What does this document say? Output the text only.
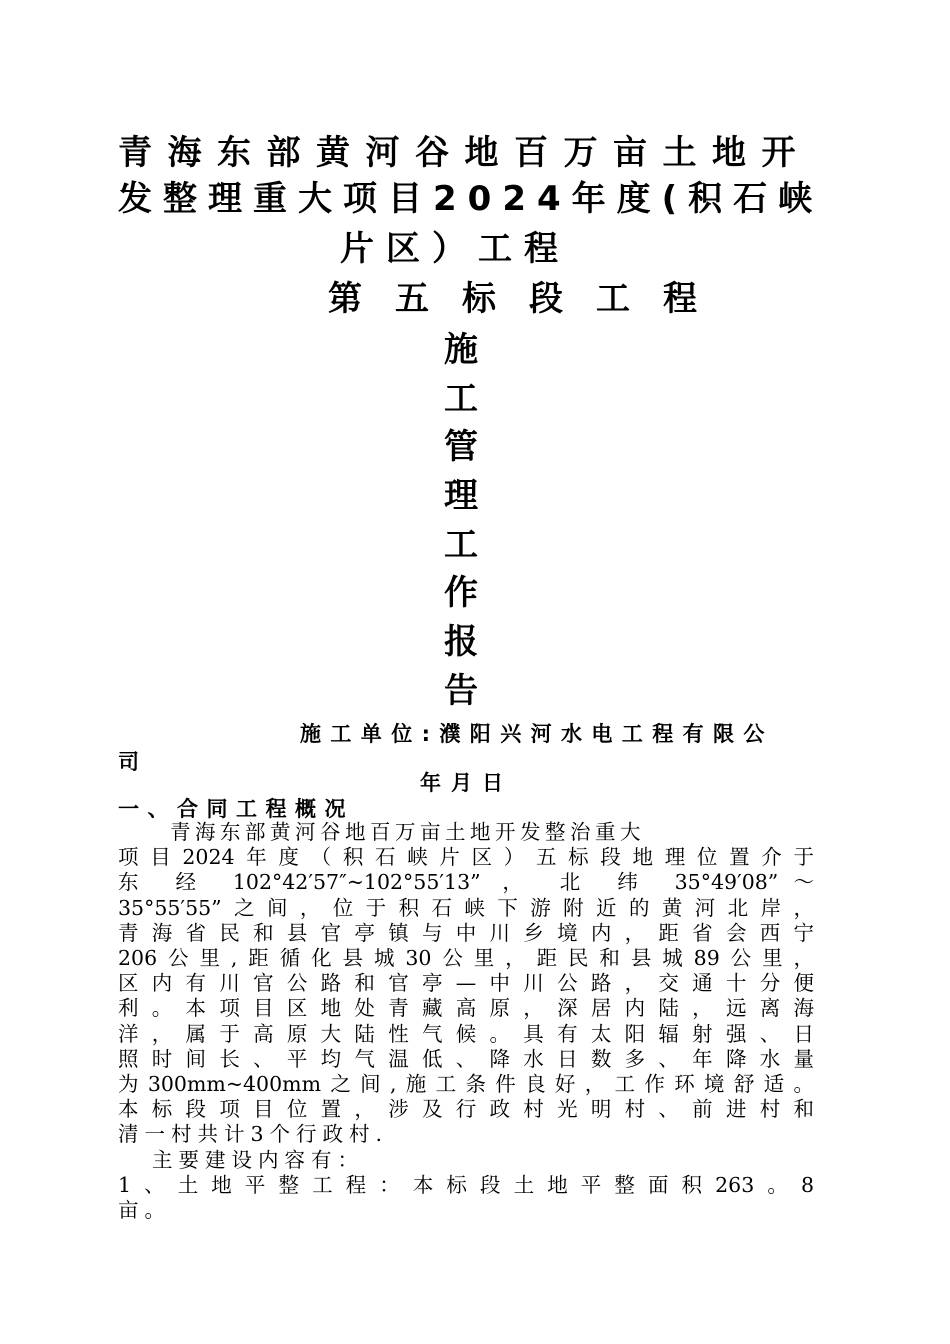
青海东部黄河谷地百万亩土地开
发整理重大项目2024年度(积石峡
片区）工程
第五标段工程
施
工
管
理
工
作
报
告
施工单位:濮阳兴河水电工程有限公
司
年月日
一、合同工程概况
青海东部黄河谷地百万亩土地开发整治重大
项目2024年度（积石峡片区）五标段地理位置介于
东 经 102°42′57″~102°55′13” ， 北 纬 35°49′08”～
35°55′55”之间，位于积石峡下游附近的黄河北岸，
青海省民和县官亭镇与中川乡境内，距省会西宁
206公里,距循化县城30公里，距民和县城89公里，
区内有川官公路和官亭—中川公路，交通十分便
利。本项目区地处青藏高原，深居内陆，远离海
洋，属于高原大陆性气候。具有太阳辐射强、日
照时间长、平均气温低、降水日数多、年降水量
为300mm~400mm之间,施工条件良好，工作环境舒适。
本标段项目位置，涉及行政村光明村、前进村和
清一村共计3个行政村.
主要建设内容有：
1、土地平整工程：本标段土地平整面积263。8
亩。
